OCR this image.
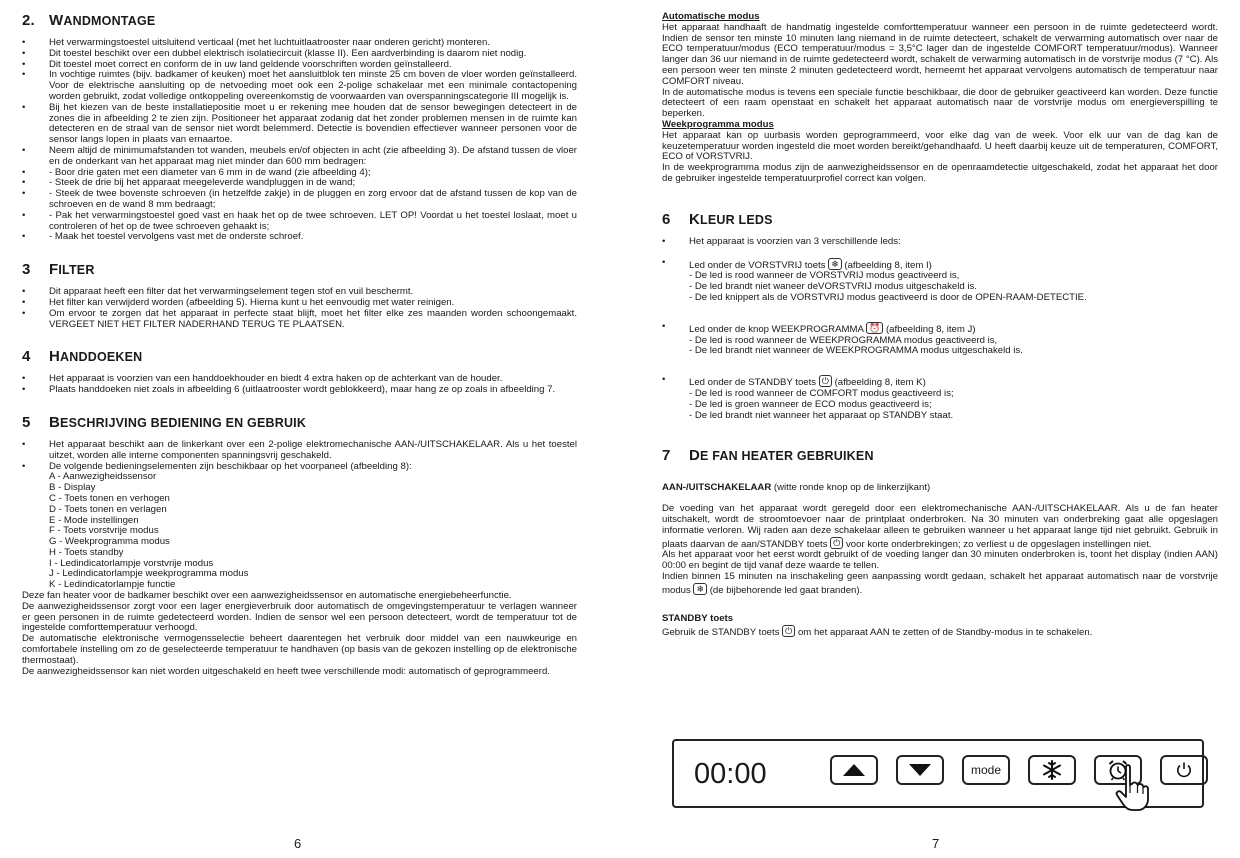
2. WANDMONTAGE
• Het verwarmingstoestel uitsluitend verticaal (met het luchtuitlaatrooster naar onderen gericht) monteren.
• Dit toestel beschikt over een dubbel elektrisch isolatiecircuit (klasse II). Een aardverbinding is daarom niet nodig.
• Dit toestel moet correct en conform de in uw land geldende voorschriften worden geïnstalleerd.
• In vochtige ruimtes (bijv. badkamer of keuken) moet het aansluitblok ten minste 25 cm boven de vloer worden geïnstalleerd. Voor de elektrische aansluiting op de netvoeding moet ook een 2-polige schakelaar met een minimale contactopening worden gebruikt, zodat volledige ontkoppeling overeenkomstig de voorwaarden van overspanningscategorie III mogelijk is.
• Bij het kiezen van de beste installatiepositie moet u er rekening mee houden dat de sensor bewegingen detecteert in de zones die in afbeelding 2 te zien zijn. Positioneer het apparaat zodanig dat het zonder problemen mensen in de ruimte kan detecteren en de straal van de sensor niet wordt belemmerd. Detectie is bovendien effectiever wanneer personen voor de sensor langs lopen in plaats van ernaartoe.
• Neem altijd de minimumafstanden tot wanden, meubels en/of objecten in acht (zie afbeelding 3). De afstand tussen de vloer en de onderkant van het apparaat mag niet minder dan 600 mm bedragen:
• - Boor drie gaten met een diameter van 6 mm in de wand (zie afbeelding 4);
• - Steek de drie bij het apparaat meegeleverde wandpluggen in de wand;
• - Steek de twee bovenste schroeven (in hetzelfde zakje) in de pluggen en zorg ervoor dat de afstand tussen de kop van de schroeven en de wand 8 mm bedraagt;
• - Pak het verwarmingstoestel goed vast en haak het op de twee schroeven. LET OP! Voordat u het toestel loslaat, moet u controleren of het op de twee schroeven gehaakt is;
• - Maak het toestel vervolgens vast met de onderste schroef.
3 FILTER
• Dit apparaat heeft een filter dat het verwarmingselement tegen stof en vuil beschermt.
• Het filter kan verwijderd worden (afbeelding 5). Hierna kunt u het eenvoudig met water reinigen.
• Om ervoor te zorgen dat het apparaat in perfecte staat blijft, moet het filter elke zes maanden worden schoongemaakt. VERGEET NIET HET FILTER NADERHAND TERUG TE PLAATSEN.
4 HANDDOEKEN
• Het apparaat is voorzien van een handdoekhouder en biedt 4 extra haken op de achterkant van de houder.
• Plaats handdoeken niet zoals in afbeelding 6 (uitlaatrooster wordt geblokkeerd), maar hang ze op zoals in afbeelding 7.
5 BESCHRIJVING BEDIENING EN GEBRUIK
• Het apparaat beschikt aan de linkerkant over een 2-polige elektromechanische AAN-/UITSCHAKELAAR. Als u het toestel uitzet, worden alle interne componenten spanningsvrij geschakeld.
• De volgende bedieningselementen zijn beschikbaar op het voorpaneel (afbeelding 8):
A - Aanwezigheidssensor
B - Display
C - Toets tonen en verhogen
D - Toets tonen en verlagen
E - Mode instellingen
F - Toets vorstvrije modus
G - Weekprogramma modus
H - Toets standby
I - Ledindicatorlampje vorstvrije modus
J - Ledindicatorlampje weekprogramma modus
K - Ledindicatorlampje functie

Deze fan heater voor de badkamer beschikt over een aanwezigheidssensor en automatische energiebeheerfunctie.

De aanwezigheidssensor zorgt voor een lager energieverbruik door automatisch de omgevingstemperatuur te verlagen wanneer er geen personen in de ruimte gedetecteerd worden. Indien de sensor wel een persoon detecteert, wordt de temperatuur tot de ingestelde comforttemperatuur verhoogd.

De automatische elektronische vermogensselectie beheert daarentegen het verbruik door middel van een nauwkeurige en comfortabele instelling om zo de geselecteerde temperatuur te handhaven (op basis van de gekozen instelling op de elektronische thermostaat).

De aanwezigheidssensor kan niet worden uitgeschakeld en heeft twee verschillende modi: automatisch of geprogrammeerd.

6
Automatische modus

Het apparaat handhaaft de handmatig ingestelde comforttemperatuur wanneer een persoon in de ruimte gedetecteerd wordt. Indien de sensor ten minste 10 minuten lang niemand in de ruimte detecteert, schakelt de verwarming automatisch over naar de ECO temperatuur/modus (ECO temperatuur/modus = 3,5°C lager dan de ingestelde COMFORT temperatuur/modus). Wanneer langer dan 36 uur niemand in de ruimte gedetecteerd wordt, schakelt de verwarming automatisch in de vorstvrije modus (7 °C). Als een persoon weer ten minste 2 minuten gedetecteerd wordt, herneemt het apparaat vervolgens automatisch de temperatuur naar COMFORT niveau.

In de automatische modus is tevens een speciale functie beschikbaar, die door de gebruiker geactiveerd kan worden. Deze functie detecteert of een raam openstaat en schakelt het apparaat automatisch naar de vorstvrije modus om energieverspilling te beperken.

Weekprogramma modus

Het apparaat kan op uurbasis worden geprogrammeerd, voor elke dag van de week. Voor elk uur van de dag kan de keuzetemperatuur worden ingesteld die moet worden bereikt/gehandhaafd. U heeft daarbij keuze uit de temperaturen, COMFORT, ECO of VORSTVRIJ.

In de weekprogramma modus zijn de aanwezigheidssensor en de openraamdetectie uitgeschakeld, zodat het apparaat het door de gebruiker ingestelde temperatuurprofiel correct kan volgen.

6 KLEUR LEDS
• Het apparaat is voorzien van 3 verschillende leds:
• Led onder de VORSTVRIJ toets ❄ (afbeelding 8, item I)
- De led is rood wanneer de VORSTVRIJ modus geactiveerd is,
- De led brandt niet waneer deVORSTVRIJ modus uitgeschakeld is.
- De led knippert als de VORSTVRIJ modus geactiveerd is door de OPEN-RAAM-DETECTIE.
• Led onder de knop WEEKPROGRAMMA ⏰ (afbeelding 8, item J)
- De led is rood wanneer de WEEKPROGRAMMA modus geactiveerd is,
- De led brandt niet wanneer de WEEKPROGRAMMA modus uitgeschakeld is.
• Led onder de STANDBY toets ⏻ (afbeelding 8, item K)
- De led is rood wanneer de COMFORT modus geactiveerd is;
- De led is groen wanneer de ECO modus geactiveerd is;
- De led brandt niet wanneer het apparaat op STANDBY staat.
7 DE FAN HEATER GEBRUIKEN
AAN-/UITSCHAKELAAR (witte ronde knop op de linkerzijkant)

De voeding van het apparaat wordt geregeld door een elektromechanische AAN-/UITSCHAKELAAR. Als u de fan heater uitschakelt, wordt de stroomtoevoer naar de printplaat onderbroken. Na 30 minuten van onderbreking gaat alle opgeslagen informatie verloren. Wij raden aan deze schakelaar alleen te gebruiken wanneer u het apparaat lange tijd niet gebruikt. Gebruik in plaats daarvan de aan/STANDBY toets ⏻ voor korte onderbrekingen; zo verliest u de opgeslagen instellingen niet.

Als het apparaat voor het eerst wordt gebruikt of de voeding langer dan 30 minuten onderbroken is, toont het display (indien AAN) 00:00 en begint de tijd vanaf deze waarde te tellen.

Indien binnen 15 minuten na inschakeling geen aanpassing wordt gedaan, schakelt het apparaat automatisch naar de vorstvrije modus ❄ (de bijbehorende led gaat branden).

STANDBY toets
Gebruik de STANDBY toets ⏻ om het apparaat AAN te zetten of de Standby-modus in te schakelen.
00:00	mode
7
